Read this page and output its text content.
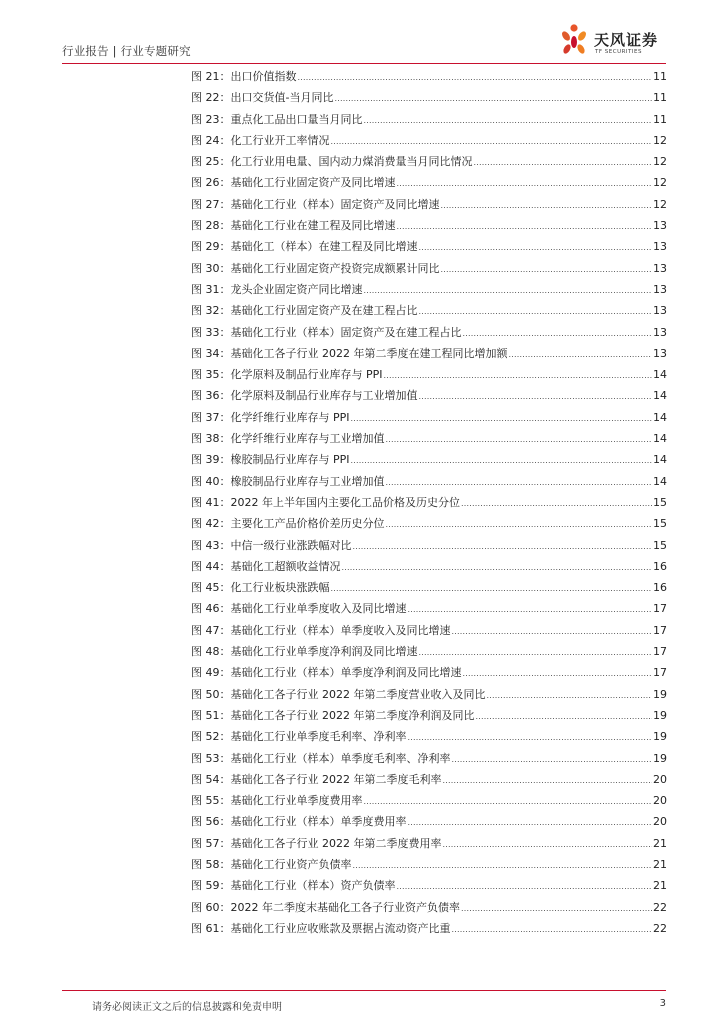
行业报告 | 行业专题研究
天风证券
TF SECURITIES
图 21： 出口价值指数 .....	11
图 22： 出口交货值-当月同比 .....	11
图 23： 重点化工品出口量当月同比 .....	11
图 24： 化工行业开工率情况 .....	12
图 25： 化工行业用电量、国内动力煤消费量当月同比情况 .....	12
图 26： 基础化工行业固定资产及同比增速 .....	12
图 27： 基础化工行业（样本）固定资产及同比增速 .....	12
图 28： 基础化工行业在建工程及同比增速 .....	13
图 29： 基础化工（样本）在建工程及同比增速 .....	13
图 30： 基础化工行业固定资产投资完成额累计同比 .....	13
图 31： 龙头企业固定资产同比增速 .....	13
图 32： 基础化工行业固定资产及在建工程占比 .....	13
图 33： 基础化工行业（样本）固定资产及在建工程占比 .....	13
图 34： 基础化工各子行业 2022 年第二季度在建工程同比增加额 .....	13
图 35： 化学原料及制品行业库存与 PPI .....	14
图 36： 化学原料及制品行业库存与工业增加值 .....	14
图 37： 化学纤维行业库存与 PPI .....	14
图 38： 化学纤维行业库存与工业增加值 .....	14
图 39： 橡胶制品行业库存与 PPI .....	14
图 40： 橡胶制品行业库存与工业增加值 .....	14
图 41： 2022 年上半年国内主要化工品价格及历史分位 .....	15
图 42： 主要化工产品价格价差历史分位 .....	15
图 43： 中信一级行业涨跌幅对比 .....	15
图 44： 基础化工超额收益情况 .....	16
图 45： 化工行业板块涨跌幅 .....	16
图 46： 基础化工行业单季度收入及同比增速 .....	17
图 47： 基础化工行业（样本）单季度收入及同比增速 .....	17
图 48： 基础化工行业单季度净利润及同比增速 .....	17
图 49： 基础化工行业（样本）单季度净利润及同比增速 .....	17
图 50： 基础化工各子行业 2022 年第二季度营业收入及同比 .....	19
图 51： 基础化工各子行业 2022 年第二季度净利润及同比 .....	19
图 52： 基础化工行业单季度毛利率、净利率 .....	19
图 53： 基础化工行业（样本）单季度毛利率、净利率 .....	19
图 54： 基础化工各子行业 2022 年第二季度毛利率 .....	20
图 55： 基础化工行业单季度费用率 .....	20
图 56： 基础化工行业（样本）单季度费用率 .....	20
图 57： 基础化工各子行业 2022 年第二季度费用率 .....	21
图 58： 基础化工行业资产负债率 .....	21
图 59： 基础化工行业（样本）资产负债率 .....	21
图 60： 2022 年二季度末基础化工各子行业资产负债率 .....	22
图 61： 基础化工行业应收账款及票据占流动资产比重 .....	22
请务必阅读正文之后的信息披露和免责申明	3
